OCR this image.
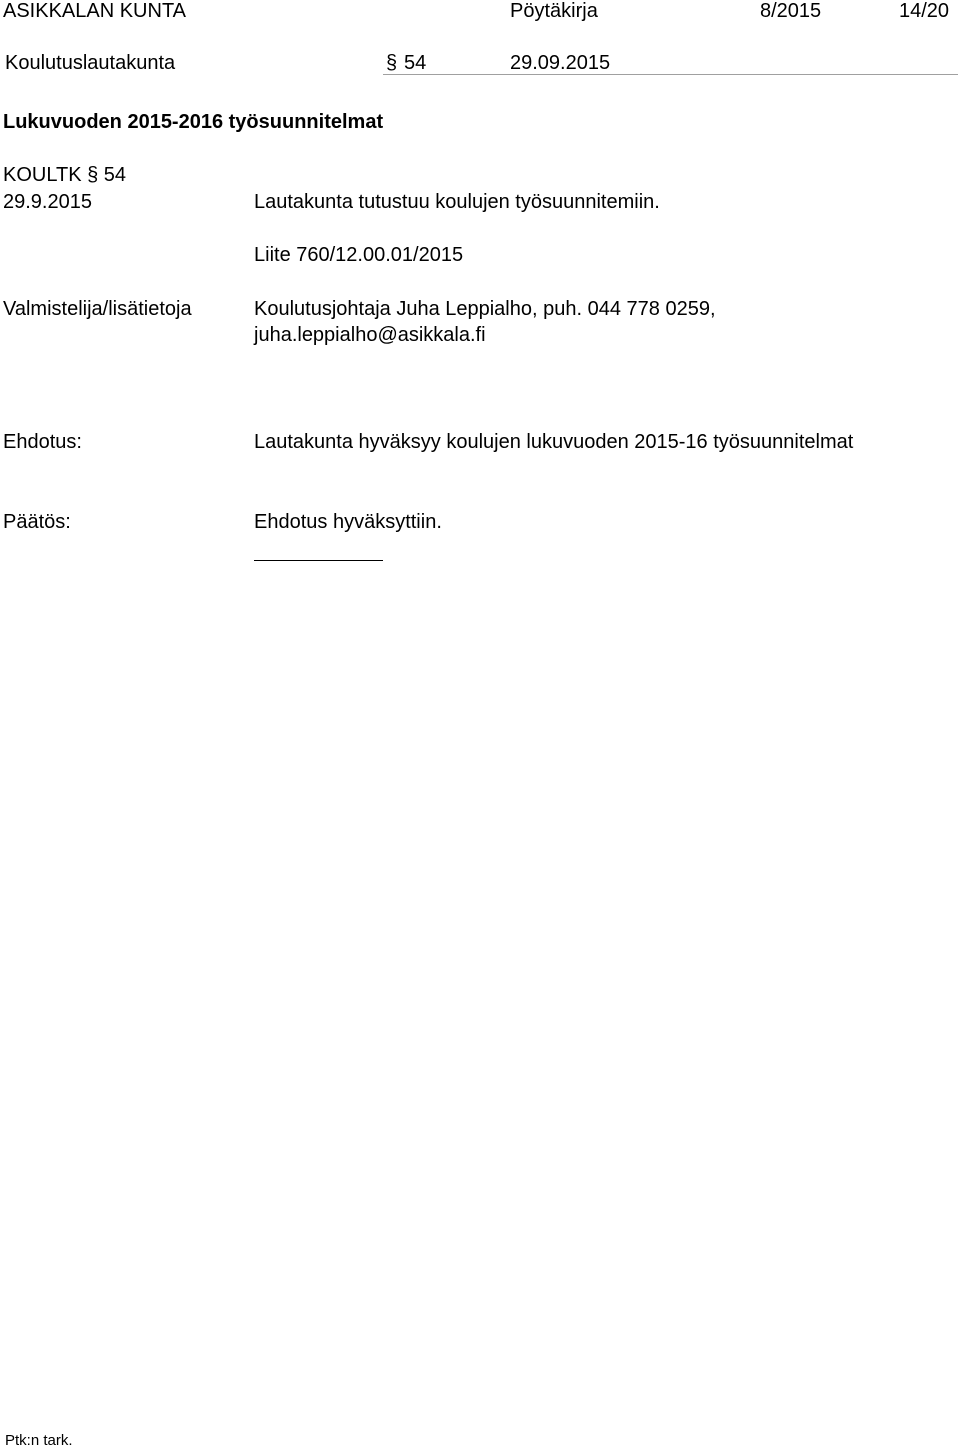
ASIKKALAN KUNTA	Pöytäkirja	8/2015	14/20
Koulutuslautakunta	§ 54	29.09.2015
Lukuvuoden 2015-2016 työsuunnitelmat
KOULTK § 54
29.9.2015	Lautakunta tutustuu koulujen työsuunnitemiin.
Liite 760/12.00.01/2015
Valmistelija/lisätietoja	Koulutusjohtaja Juha Leppialho, puh. 044 778 0259,
juha.leppialho@asikkala.fi
Ehdotus:	Lautakunta hyväksyy koulujen lukuvuoden 2015-16 työsuunnitelmat
Päätös:	Ehdotus hyväksyttiin.
Ptk:n tark.
